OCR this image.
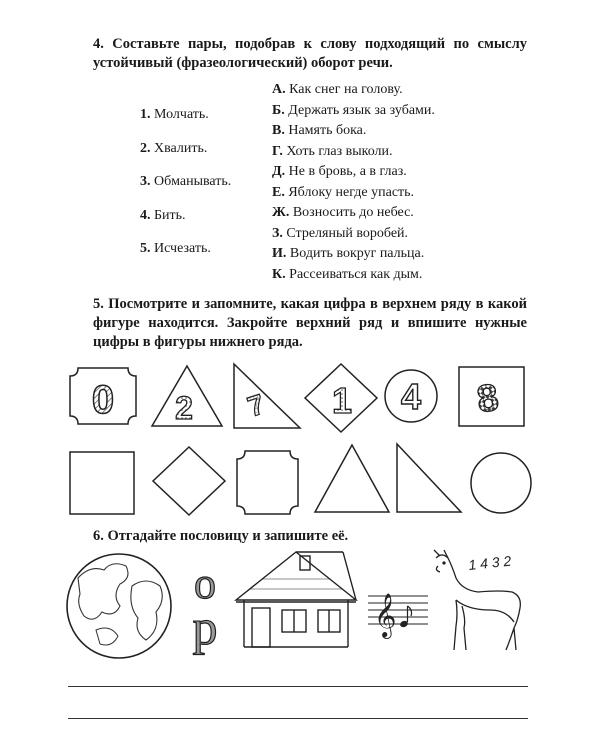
4. Составьте пары, подобрав к слову подходящий по смыслу устойчивый (фразеологический) оборот речи.
1. Молчать.
2. Хвалить.
3. Обманывать.
4. Бить.
5. Исчезать.
А. Как снег на голову.
Б. Держать язык за зубами.
В. Намять бока.
Г. Хоть глаз выколи.
Д. Не в бровь, а в глаз.
Е. Яблоку негде упасть.
Ж. Возносить до небес.
З. Стреляный воробей.
И. Водить вокруг пальца.
К. Рассеиваться как дым.
5. Посмотрите и запомните, какая цифра в верхнем ряду в какой фигуре находится. Закройте верхний ряд и впишите нужные цифры в фигуры нижнего ряда.
0 2 7 1 4 8
6. Отгадайте пословицу и запишите её.
о
р	𝄞
1 4 3 2
